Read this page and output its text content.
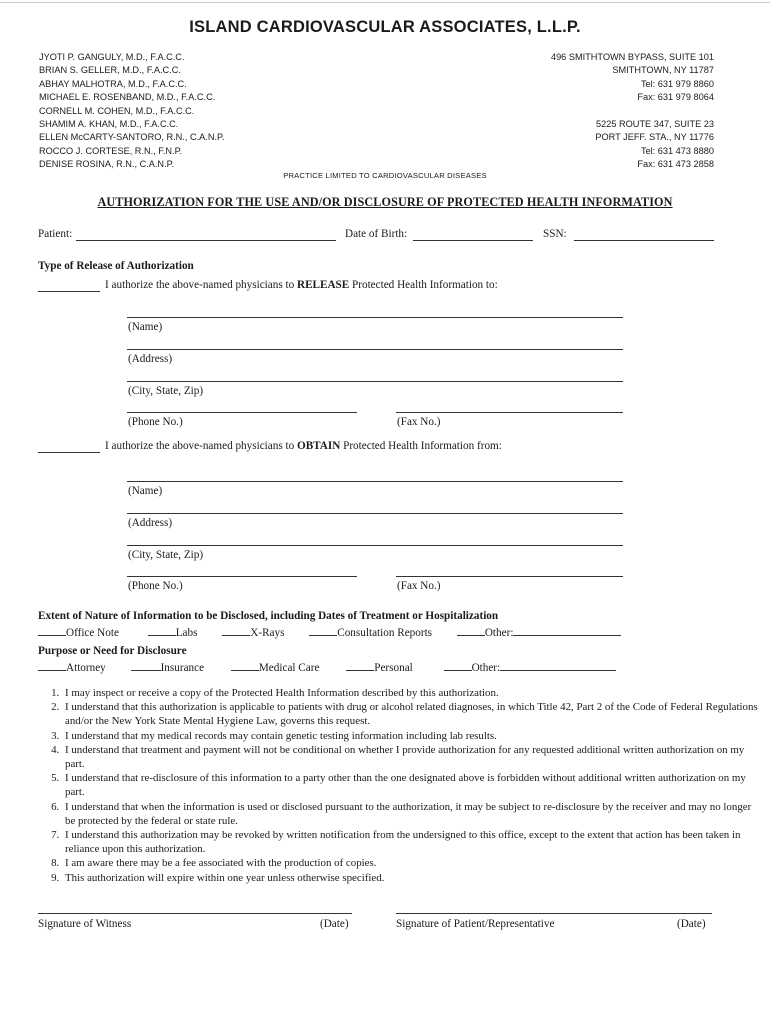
ISLAND CARDIOVASCULAR ASSOCIATES, L.L.P.
JYOTI P. GANGULY, M.D., F.A.C.C.
BRIAN S. GELLER, M.D., F.A.C.C.
ABHAY MALHOTRA, M.D., F.A.C.C.
MICHAEL E. ROSENBAND, M.D., F.A.C.C.
CORNELL M. COHEN, M.D., F.A.C.C.
SHAMIM A. KHAN, M.D., F.A.C.C.
ELLEN McCARTY-SANTORO, R.N., C.A.N.P.
ROCCO J. CORTESE, R.N., F.N.P.
DENISE ROSINA, R.N., C.A.N.P.
496 SMITHTOWN BYPASS, SUITE 101
SMITHTOWN, NY 11787
Tel: 631 979 8860
Fax: 631 979 8064
5225 ROUTE 347, SUITE 23
PORT JEFF. STA., NY 11776
Tel: 631 473 8880
Fax: 631 473 2858
PRACTICE LIMITED TO CARDIOVASCULAR DISEASES
AUTHORIZATION FOR THE USE AND/OR DISCLOSURE OF PROTECTED HEALTH INFORMATION
Patient:	Date of Birth:	SSN:
Type of Release of Authorization
I authorize the above-named physicians to RELEASE Protected Health Information to:
(Name)
(Address)
(City, State, Zip)
(Phone No.)	(Fax No.)
I authorize the above-named physicians to OBTAIN Protected Health Information from:
(Name)
(Address)
(City, State, Zip)
(Phone No.)	(Fax No.)
Extent of Nature of Information to be Disclosed, including Dates of Treatment or Hospitalization
Office Note	Labs	X-Rays	Consultation Reports	Other:
Purpose or Need for Disclosure
Attorney	Insurance	Medical Care	Personal	Other:
1. I may inspect or receive a copy of the Protected Health Information described by this authorization.
2. I understand that this authorization is applicable to patients with drug or alcohol related diagnoses, in which Title 42, Part 2 of the Code of Federal Regulations and/or the New York State Mental Hygiene Law, governs this request.
3. I understand that my medical records may contain genetic testing information including lab results.
4. I understand that treatment and payment will not be conditional on whether I provide authorization for any requested additional written authorization on my part.
5. I understand that re-disclosure of this information to a party other than the one designated above is forbidden without additional written authorization on my part.
6. I understand that when the information is used or disclosed pursuant to the authorization, it may be subject to re-disclosure by the receiver and may no longer be protected by the federal or state rule.
7. I understand this authorization may be revoked by written notification from the undersigned to this office, except to the extent that action has been taken in reliance upon this authorization.
8. I am aware there may be a fee associated with the production of copies.
9. This authorization will expire within one year unless otherwise specified.
Signature of Witness	(Date)	Signature of Patient/Representative	(Date)
